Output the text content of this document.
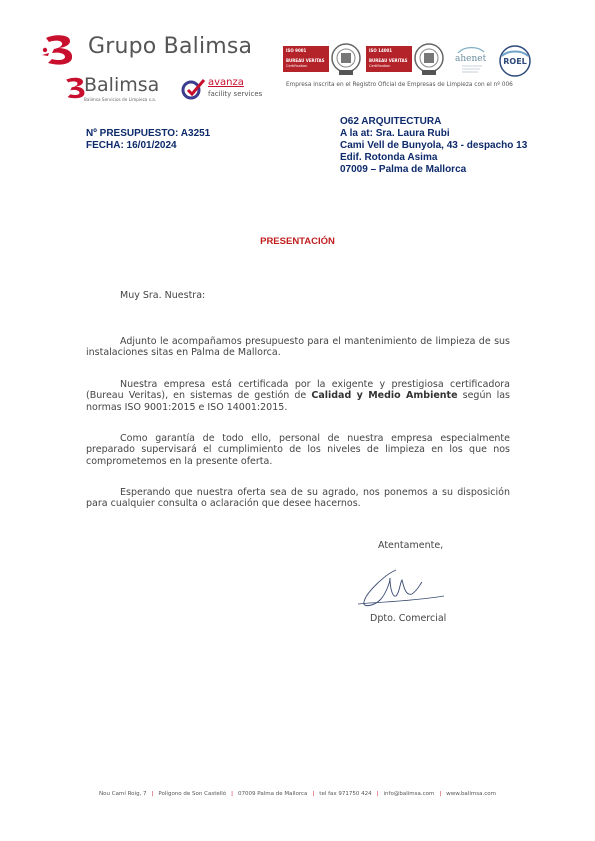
Grupo Balimsa
Balimsa
Balimsa Servicios de Limpieza s.a.
avanza
facility services
ISO 9001
BUREAU VERITAS
Certification
ISO 14001
BUREAU VERITAS
Certification
ahenet ROEL
Empresa inscrita en el Registro Oficial de Empresas de Limpieza con el nº 006
Nº PRESUPUESTO: A3251
FECHA: 16/01/2024
O62 ARQUITECTURA
A la at: Sra. Laura Rubi
Cami Vell de Bunyola, 43 - despacho 13
Edif. Rotonda Asima
07009 – Palma de Mallorca
PRESENTACIÓN
Muy Sra. Nuestra:

Adjunto le acompañamos presupuesto para el mantenimiento de limpieza de sus instalaciones sitas en Palma de Mallorca.

Nuestra empresa está certificada por la exigente y prestigiosa certificadora (Bureau Veritas), en sistemas de gestión de Calidad y Medio Ambiente según las normas ISO 9001:2015 e ISO 14001:2015.

Como garantía de todo ello, personal de nuestra empresa especialmente preparado supervisará el cumplimiento de los niveles de limpieza en los que nos comprometemos en la presente oferta.

Esperando que nuestra oferta sea de su agrado, nos ponemos a su disposición para cualquier consulta o aclaración que desee hacernos.

Atentamente,
Dpto. Comercial
Nou Camí Roig, 7 | Polígono de Son Castelló | 07009 Palma de Mallorca | tel fax 971750 424 | info@balimsa.com | www.balimsa.com
